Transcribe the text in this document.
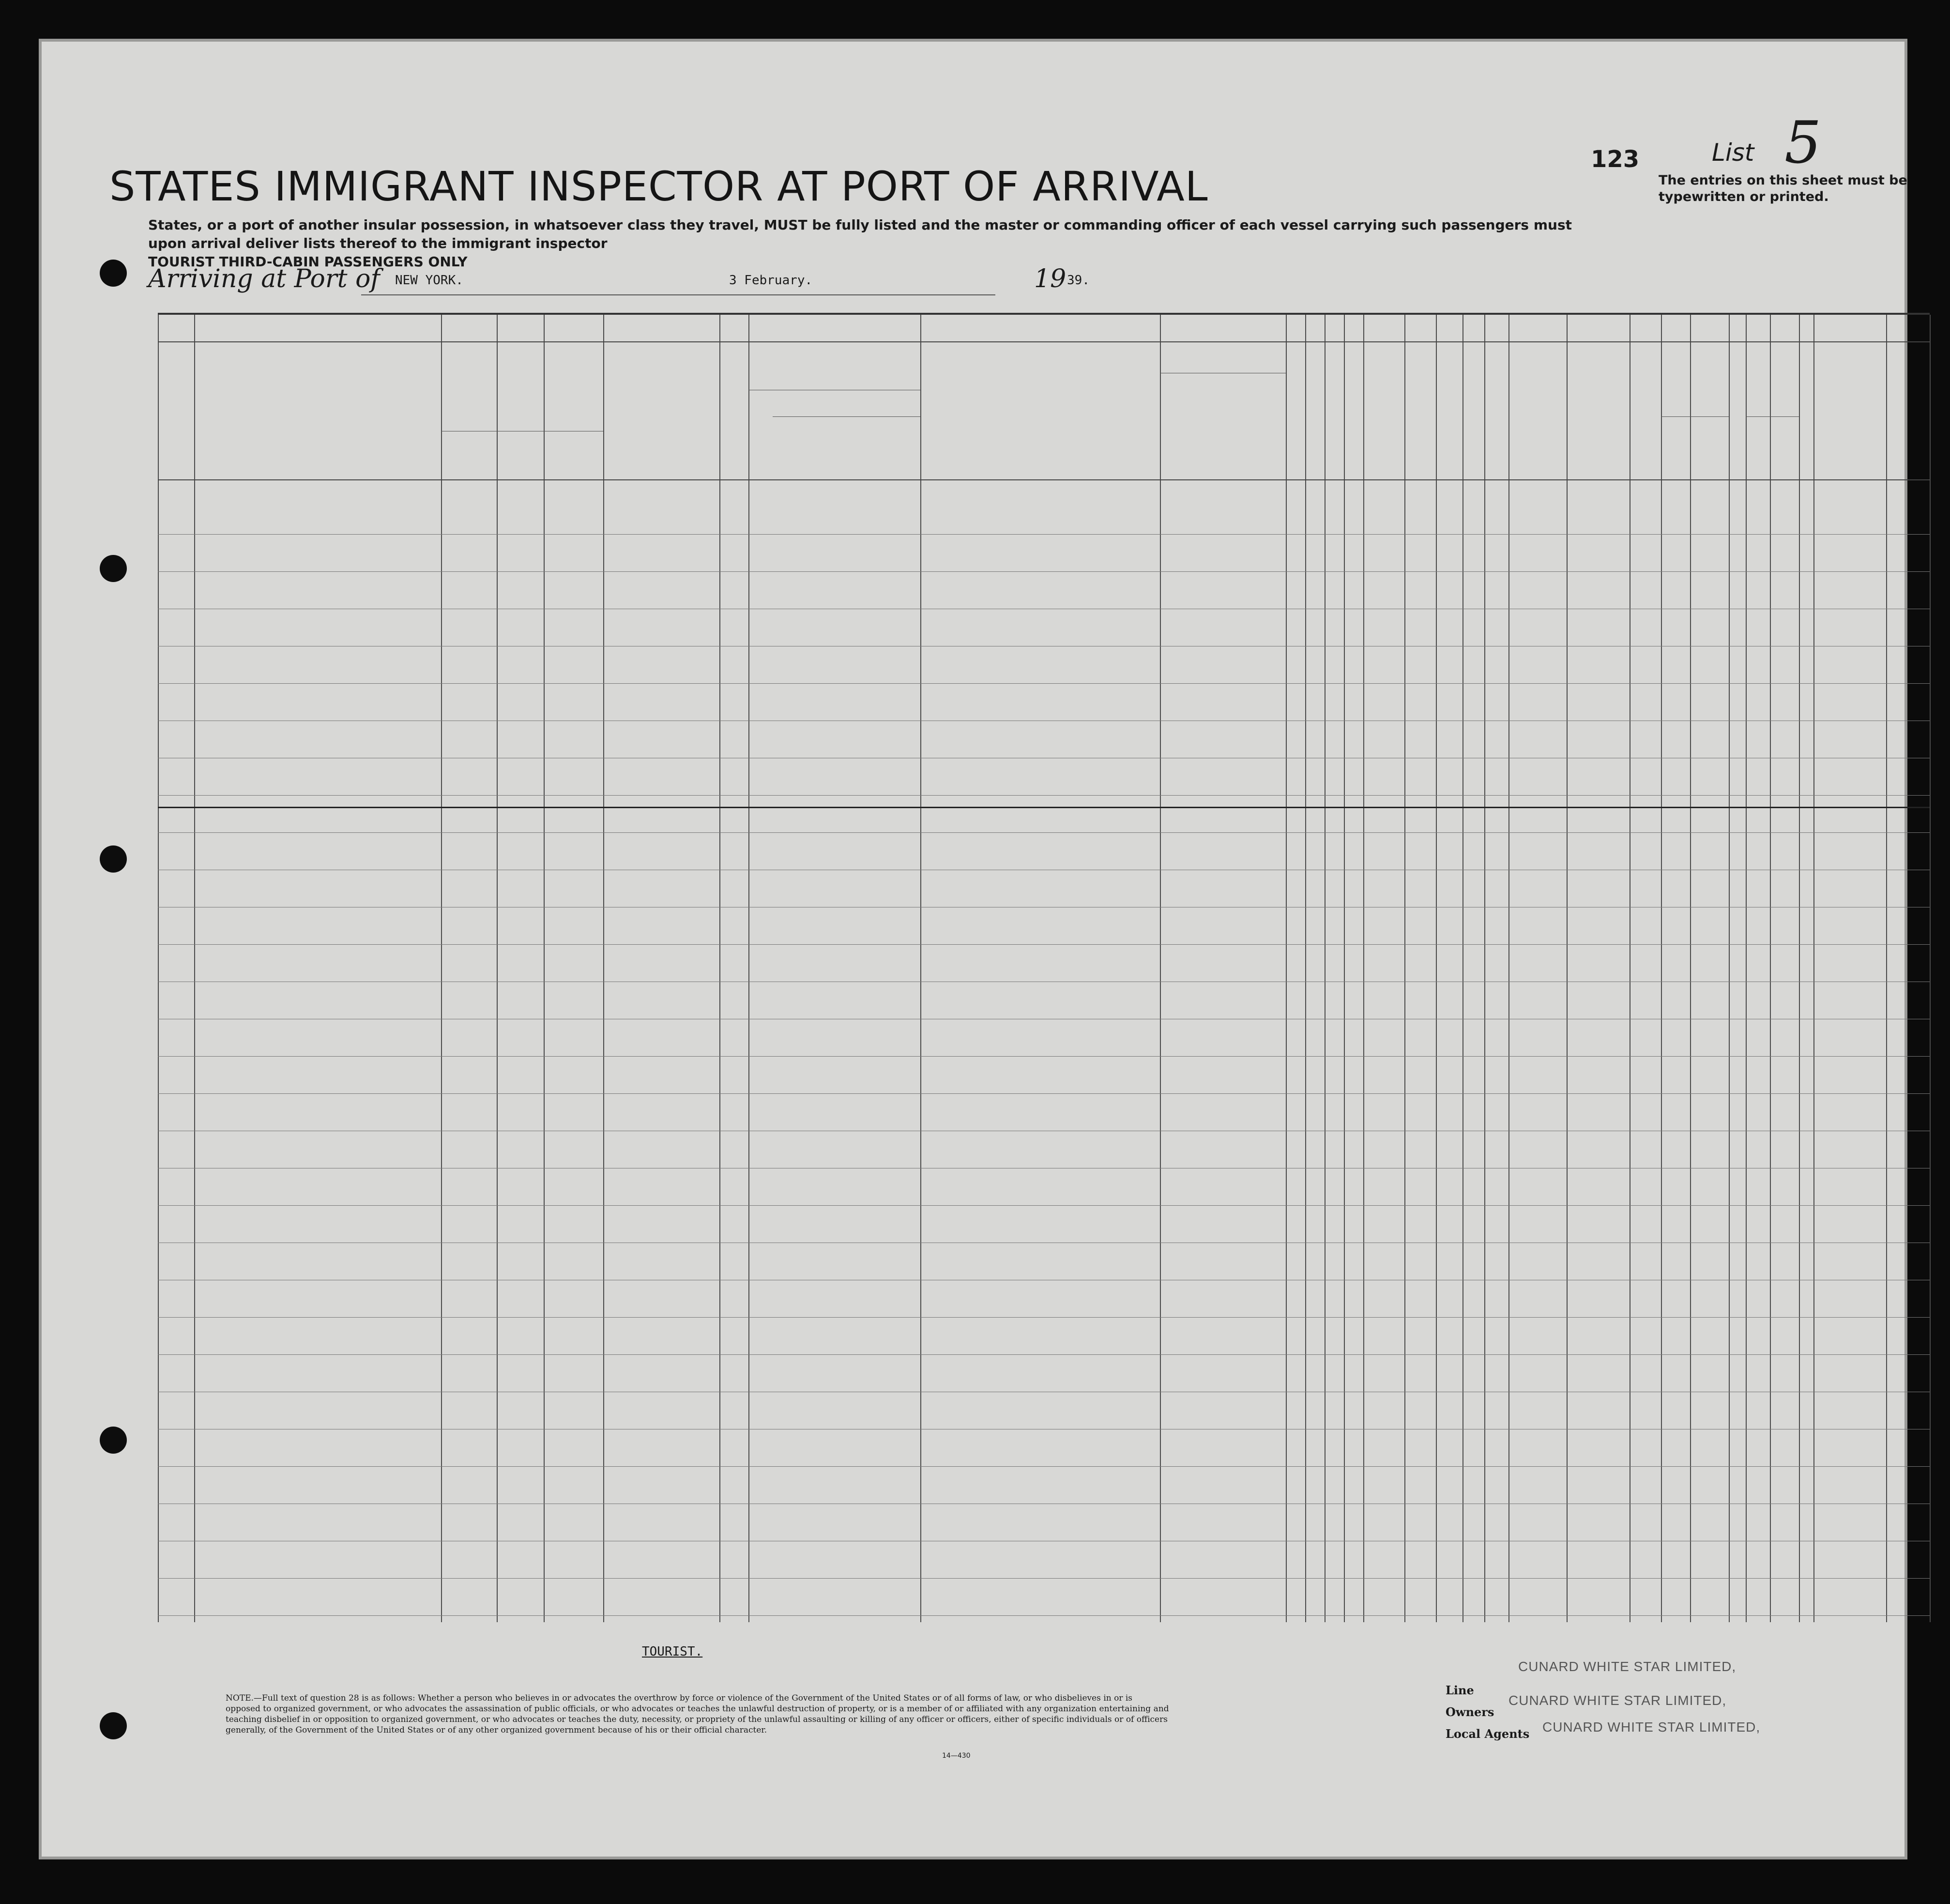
STATES IMMIGRANT INSPECTOR AT PORT OF ARRIVAL
123	List 5
The entries on this sheet must be typewritten or printed.
States, or a port of another insular possession, in whatsoever class they travel, MUST be fully listed and the master or commanding officer of each vessel carrying such passengers must upon arrival deliver lists thereof to the immigrant inspector
TOURIST THIRD-CABIN PASSENGERS ONLY
Arriving at Port of NEW YORK.	3 February.	19 39.
TOURIST.
NOTE.—Full text of question 28 is as follows: Whether a person who believes in or advocates the overthrow by force or violence of the Government of the United States or of all forms of law, or who disbelieves in or is opposed to organized government, or who advocates the assassination of public officials, or who advocates or teaches the unlawful destruction of property, or is a member of or affiliated with any organization entertaining and teaching disbelief in or opposition to organized government, or who advocates or teaches the duty, necessity, or propriety of the unlawful assaulting or killing of any officer or officers, either of specific individuals or of officers generally, of the Government of the United States or of any other organized government because of his or their official character.
14—430
CUNARD WHITE STAR LIMITED,
Line
Owners
CUNARD WHITE STAR LIMITED,
Local Agents CUNARD WHITE STAR LIMITED,
